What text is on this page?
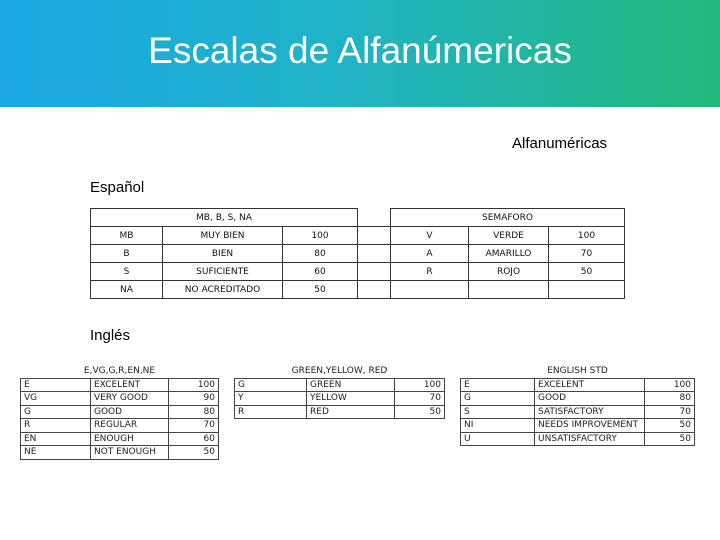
Escalas de Alfanúmericas
Alfanuméricas
Español
Inglés
MB, B, S, NA				SEMAFORO		
MB	MUY BIEN	100		V	VERDE	100
B	BIEN	80		A	AMARILLO	70
S	SUFICIENTE	60		R	ROJO	50
NA	NO ACREDITADO	50				
E,VG,G,R,EN,NE		
E	EXCELENT	100
VG	VERY GOOD	90
G	GOOD	80
R	REGULAR	70
EN	ENOUGH	60
NE	NOT ENOUGH	50
GREEN,YELLOW, RED		
G	GREEN	100
Y	YELLOW	70
R	RED	50
ENGLISH STD		
E	EXCELENT	100
G	GOOD	80
S	SATISFACTORY	70
NI	NEEDS IMPROVEMENT	50
U	UNSATISFACTORY	50
